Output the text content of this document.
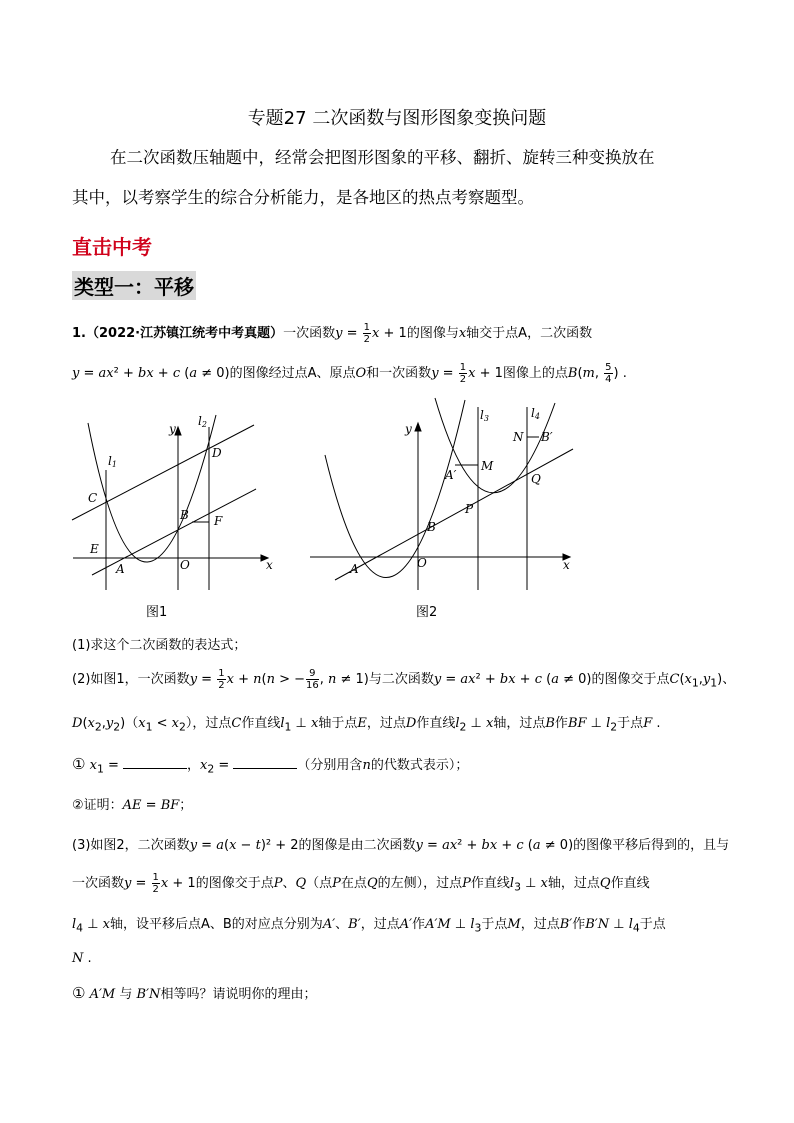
专题27 二次函数与图形图象变换问题
在二次函数压轴题中，经常会把图形图象的平移、翻折、旋转三种变换放在
其中，以考察学生的综合分析能力，是各地区的热点考察题型。
直击中考
类型一：平移
1.（2022·江苏镇江统考中考真题）一次函数$y = \frac{1}{2}$ x + 1的图像与x轴交于点A，二次函数
y = ax² + bx + c (a ≠ 0)的图像经过点A、原点O和一次函数$y = \frac{1}{2}$ x + 1图像上的点B(m, $\frac{5}{4}$ ) .
y
l2
l1
D
C
B F
E
A	O	x
图1
y
l3	l4
N B′
A′
M
Q
P
B
A	O	x
图2
(1)求这个二次函数的表达式；
(2)如图1，一次函数$y = \frac{1}{2}$ x + n(n > − $\frac{9}{16}$ , n ≠ 1)与二次函数y = ax² + bx + c (a ≠ 0)的图像交于点$C(x_1,y_1)$、
$D(x_2,y_2)(x_1 < x_2)$，过点C作直线$l_1$ ⊥ x轴于点E，过点D作直线$l_2$ ⊥ x轴，过点B作BF ⊥ $l_2$于点F .
① $x_1$ =	，$x_2$ =	（分别用含n的代数式表示）；
②证明：AE = BF；
(3)如图2，二次函数y = a(x − t)² + 2的图像是由二次函数y = ax² + bx + c (a ≠ 0)的图像平移后得到的，且与
一次函数$y = \frac{1}{2}$ x + 1的图像交于点P、Q（点P在点Q的左侧），过点P作直线$l_3$ ⊥ x轴，过点Q作直线
$l_4$ ⊥ x轴，设平移后点A、B的对应点分别为A′、B′，过点A′作A′M ⊥ $l_3$于点M，过点B′作B′N ⊥ $l_4$于点
N .
① A′M 与 B′N相等吗？请说明你的理由；
